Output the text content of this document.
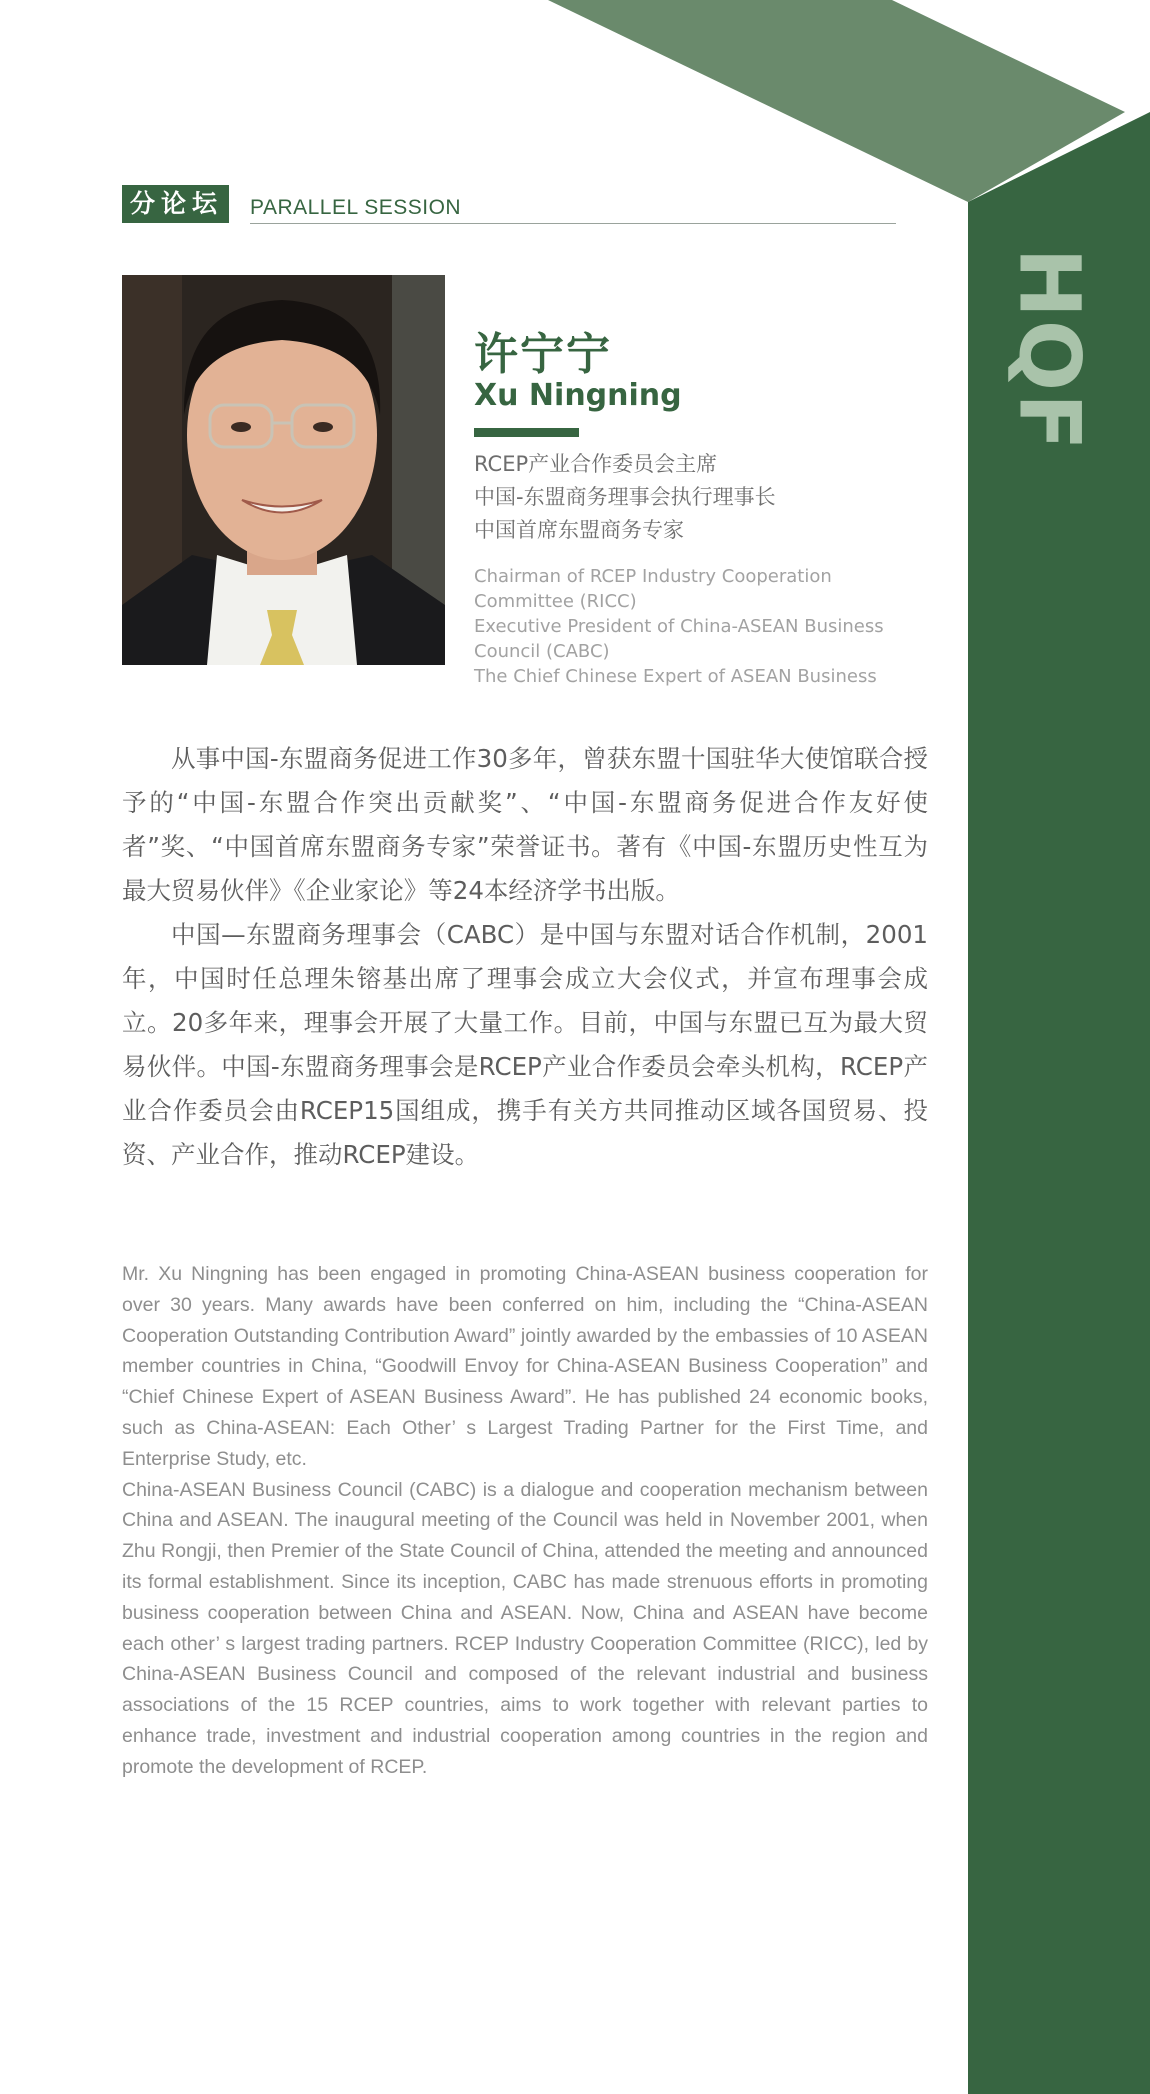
HQF
分论坛 PARALLEL SESSION
许宁宁
Xu Ningning
RCEP产业合作委员会主席
中国-东盟商务理事会执行理事长
中国首席东盟商务专家
Chairman of RCEP Industry Cooperation Committee (RICC)
Executive President of China-ASEAN Business Council (CABC)
The Chief Chinese Expert of ASEAN Business

从事中国-东盟商务促进工作30多年，曾获东盟十国驻华大使馆联合授予的“中国-东盟合作突出贡献奖”、“中国-东盟商务促进合作友好使者”奖、“中国首席东盟商务专家”荣誉证书。著有《中国-东盟历史性互为最大贸易伙伴》《企业家论》等24本经济学书出版。

中国—东盟商务理事会（CABC）是中国与东盟对话合作机制，2001年，中国时任总理朱镕基出席了理事会成立大会仪式，并宣布理事会成立。20多年来，理事会开展了大量工作。目前，中国与东盟已互为最大贸易伙伴。中国-东盟商务理事会是RCEP产业合作委员会牵头机构，RCEP产业合作委员会由RCEP15国组成，携手有关方共同推动区域各国贸易、投资、产业合作，推动RCEP建设。

Mr. Xu Ningning has been engaged in promoting China-ASEAN business cooperation for over 30 years. Many awards have been conferred on him, including the “China-ASEAN Cooperation Outstanding Contribution Award” jointly awarded by the embassies of 10 ASEAN member countries in China, “Goodwill Envoy for China-ASEAN Business Cooperation” and “Chief Chinese Expert of ASEAN Business Award”. He has published 24 economic books, such as China-ASEAN: Each Other’ s Largest Trading Partner for the First Time, and Enterprise Study, etc.

China-ASEAN Business Council (CABC) is a dialogue and cooperation mechanism between China and ASEAN. The inaugural meeting of the Council was held in November 2001, when Zhu Rongji, then Premier of the State Council of China, attended the meeting and announced its formal establishment. Since its inception, CABC has made strenuous efforts in promoting business cooperation between China and ASEAN. Now, China and ASEAN have become each other’ s largest trading partners. RCEP Industry Cooperation Committee (RICC), led by China-ASEAN Business Council and composed of the relevant industrial and business associations of the 15 RCEP countries, aims to work together with relevant parties to enhance trade, investment and industrial cooperation among countries in the region and promote the development of RCEP.
